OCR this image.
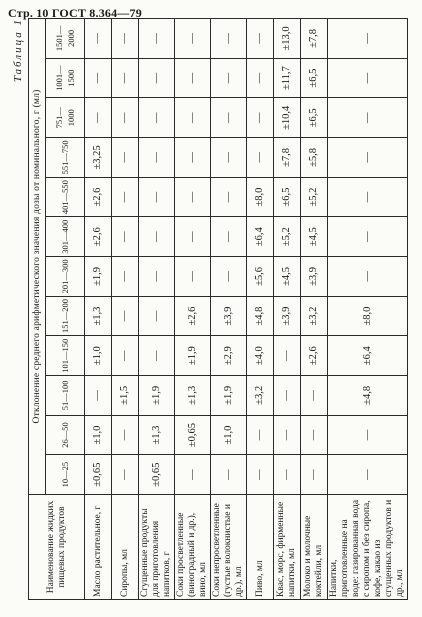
Стр. 10 ГОСТ 8.364—79
Таблица 1
Наименование жидких пищевых продуктов	Отклонение среднего арифметического значения дозы от номинального, г (мл)											
	10—25	26—50	51—100	101—150	151—200	201—300	301—400	401—550	551—750	751—1000	1001—1500	1501—2000
Масло растительное, г	±0,65	±1,0	—	±1,0	±1,3	±1,9	±2,6	±2,6	±3,25	—	—	—
Сиропы, мл	—	—	±1,5	—	—	—	—	—	—	—	—	—
Сгущенные продукты для приготовления напитков, г	±0,65	±1,3	±1,9	—	—	—	—	—	—	—	—	—
Соки просветленные (виноградный и др.), вино, мл	—	±0,65	±1,3	±1,9	±2,6	—	—	—	—	—	—	—
Соки непросветленные (густые волокнистые и др.), мл	—	±1,0	±1,9	±2,9	±3,9	—	—	—	—	—	—	—
Пиво, мл	—	—	±3,2	±4,0	±4,8	±5,6	±6,4	±8,0	—	—	—	—
Квас, морс, фирменные напитки, мл	—	—	—	—	±3,9	±4,5	±5,2	±6,5	±7,8	±10,4	±11,7	±13,0
Молоко и молочные коктейли, мл	—	—	—	±2,6	±3,2	±3,9	±4,5	±5,2	±5,8	±6,5	±6,5	±7,8
Напитки, приготовленные на воде: газированная вода с сиропом и без сиропа, кофе, какао из сгущенных продуктов и др., мл	—	—	±4,8	±6,4	±8,0	—	—	—	—	—	—	—
